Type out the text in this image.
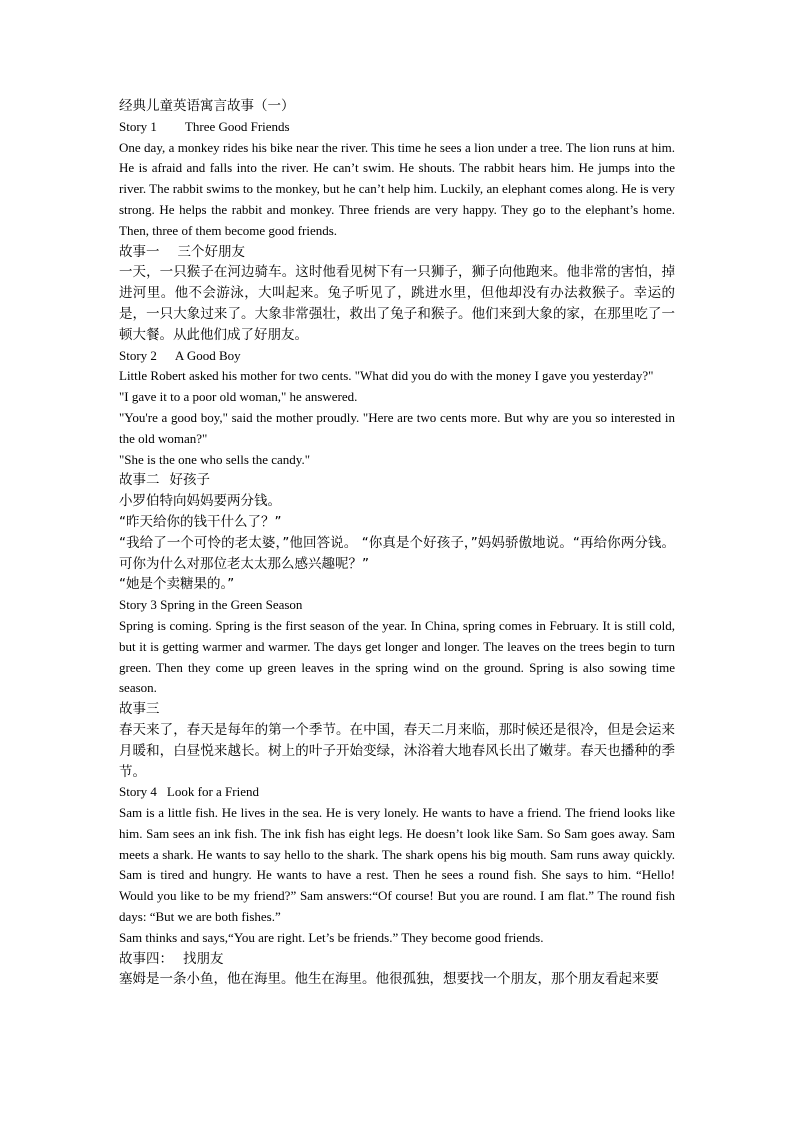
经典儿童英语寓言故事（一）
Story 1 Three Good Friends
One day, a monkey rides his bike near the river. This time he sees a lion under a tree. The lion runs at him. He is afraid and falls into the river. He can’t swim. He shouts. The rabbit hears him. He jumps into the river. The rabbit swims to the monkey, but he can’t help him. Luckily, an elephant comes along. He is very strong. He helps the rabbit and monkey. Three friends are very happy. They go to the elephant’s home. Then, three of them become good friends.
故事一 三个好朋友
一天，一只猴子在河边骑车。这时他看见树下有一只狮子，狮子向他跑来。他非常的害怕，掉进河里。他不会游泳，大叫起来。兔子听见了，跳进水里，但他却没有办法救猴子。幸运的是，一只大象过来了。大象非常强壮，救出了兔子和猴子。他们来到大象的家，在那里吃了一顿大餐。从此他们成了好朋友。
Story 2 A Good Boy
Little Robert asked his mother for two cents. "What did you do with the money I gave you yesterday?"
"I gave it to a poor old woman," he answered.
"You're a good boy," said the mother proudly. "Here are two cents more. But why are you so interested in the old woman?"
"She is the one who sells the candy."
故事二 好孩子
小罗伯特向妈妈要两分钱。
“昨天给你的钱干什么了？”
“我给了一个可怜的老太婆，”他回答说。 “你真是个好孩子，”妈妈骄傲地说。“再给你两分钱。可你为什么对那位老太太那么感兴趣呢？”
“她是个卖糖果的。”
Story 3 Spring in the Green Season
Spring is coming. Spring is the first season of the year. In China, spring comes in February. It is still cold, but it is getting warmer and warmer. The days get longer and longer. The leaves on the trees begin to turn green. Then they come up green leaves in the spring wind on the ground. Spring is also sowing time season.
故事三
春天来了，春天是每年的第一个季节。在中国，春天二月来临，那时候还是很冷，但是会运来月暖和，白昼悦来越长。树上的叶子开始变绿，沐浴着大地春风长出了嫩芽。春天也播种的季节。
Story 4 Look for a Friend
Sam is a little fish. He lives in the sea. He is very lonely. He wants to have a friend. The friend looks like him. Sam sees an ink fish. The ink fish has eight legs. He doesn’t look like Sam. So Sam goes away. Sam meets a shark. He wants to say hello to the shark. The shark opens his big mouth. Sam runs away quickly. Sam is tired and hungry. He wants to have a rest. Then he sees a round fish. She says to him. “Hello! Would you like to be my friend?” Sam answers:“Of course! But you are round. I am flat.” The round fish days: “But we are both fishes.”
Sam thinks and says,“You are right. Let’s be friends.” They become good friends.
故事四： 找朋友
塞姆是一条小鱼，他在海里。他生在海里。他很孤独，想要找一个朋友，那个朋友看起来要
